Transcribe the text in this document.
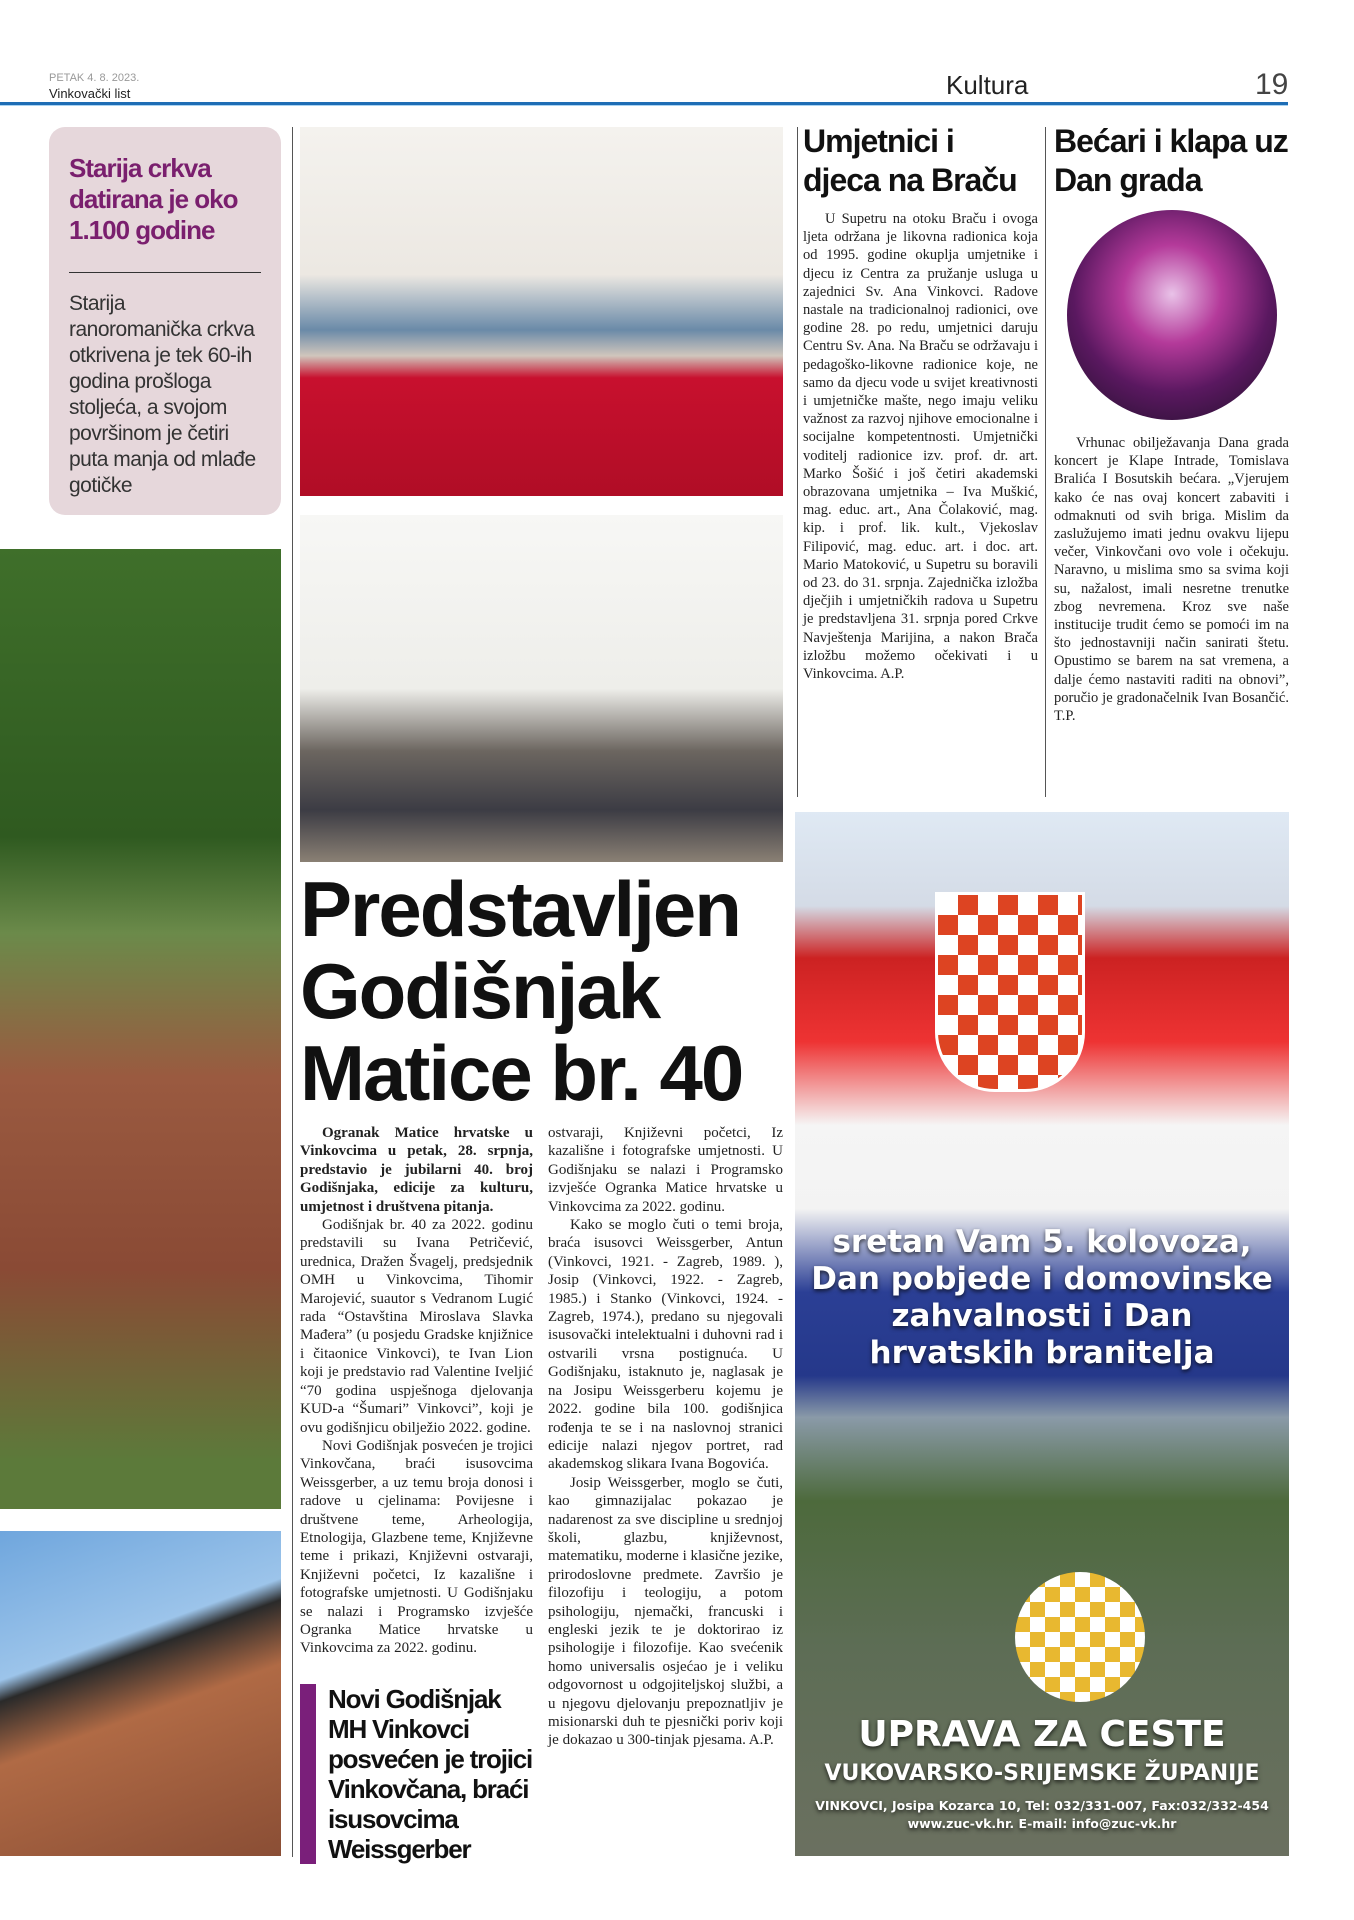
PETAK 4. 8. 2023.
Vinkovački list	Kultura	19
Starija crkva datirana je oko 1.100 godine

Starija ranoromanička crkva otkrivena je tek 60-ih godina prošloga stoljeća, a svojom površinom je četiri puta manja od mlađe gotičke

Predstavljen Godišnjak Matice br. 40

Ogranak Matice hrvatske u Vinkovcima u petak, 28. srpnja, predstavio je jubilarni 40. broj Godišnjaka, edicije za kulturu, umjetnost i društvena pitanja.

Godišnjak br. 40 za 2022. godinu predstavili su Ivana Petričević, urednica, Dražen Švagelj, predsjednik OMH u Vinkovcima, Tihomir Marojević, suautor s Vedranom Lugić rada “Ostavština Miroslava Slavka Mađera” (u posjedu Gradske knjižnice i čitaonice Vinkovci), te Ivan Lion koji je predstavio rad Valentine Iveljić “70 godina uspješnoga djelovanja KUD-a “Šumari” Vinkovci”, koji je ovu godišnjicu obilježio 2022. godine.

Novi Godišnjak posvećen je trojici Vinkovčana, braći isusovcima Weissgerber, a uz temu broja donosi i radove u cjelinama: Povijesne i društvene teme, Arheologija, Etnologija, Glazbene teme, Književne teme i prikazi, Književni ostvaraji, Književni početci, Iz kazališne i fotografske umjetnosti. U Godišnjaku se nalazi i Programsko izvješće Ogranka Matice hrvatske u Vinkovcima za 2022. godinu.

Novi Godišnjak MH Vinkovci posvećen je trojici Vinkovčana, braći isusovcima Weissgerber

ostvaraji, Književni početci, Iz kazališne i fotografske umjetnosti. U Godišnjaku se nalazi i Programsko izvješće Ogranka Matice hrvatske u Vinkovcima za 2022. godinu.

Kako se moglo čuti o temi broja, braća isusovci Weissgerber, Antun (Vinkovci, 1921. - Zagreb, 1989. ), Josip (Vinkovci, 1922. - Zagreb, 1985.) i Stanko (Vinkovci, 1924. - Zagreb, 1974.), predano su njegovali isusovački intelektualni i duhovni rad i ostvarili vrsna postignuća. U Godišnjaku, istaknuto je, naglasak je na Josipu Weissgerberu kojemu je 2022. godine bila 100. godišnjica rođenja te se i na naslovnoj stranici edicije nalazi njegov portret, rad akademskog slikara Ivana Bogovića.

Josip Weissgerber, moglo se čuti, kao gimnazijalac pokazao je nadarenost za sve discipline u srednjoj školi, glazbu, književnost, matematiku, moderne i klasične jezike, prirodoslovne predmete. Završio je filozofiju i teologiju, a potom psihologiju, njemački, francuski i engleski jezik te je doktorirao iz psihologije i filozofije. Kao svećenik homo universalis osjećao je i veliku odgovornost u odgojiteljskoj službi, a u njegovu djelovanju prepoznatljiv je misionarski duh te pjesnički poriv koji je dokazao u 300-tinjak pjesama. A.P.

Umjetnici i djeca na Braču

U Supetru na otoku Braču i ovoga ljeta održana je likovna radionica koja od 1995. godine okuplja umjetnike i djecu iz Centra za pružanje usluga u zajednici Sv. Ana Vinkovci. Radove nastale na tradicionalnoj radionici, ove godine 28. po redu, umjetnici daruju Centru Sv. Ana. Na Braču se održavaju i pedagoško-likovne radionice koje, ne samo da djecu vode u svijet kreativnosti i umjetničke mašte, nego imaju veliku važnost za razvoj njihove emocionalne i socijalne kompetentnosti. Umjetnički voditelj radionice izv. prof. dr. art. Marko Šošić i još četiri akademski obrazovana umjetnika – Iva Muškić, mag. educ. art., Ana Čolaković, mag. kip. i prof. lik. kult., Vjekoslav Filipović, mag. educ. art. i doc. art. Mario Matoković, u Supetru su boravili od 23. do 31. srpnja. Zajednička izložba dječjih i umjetničkih radova u Supetru je predstavljena 31. srpnja pored Crkve Navještenja Marijina, a nakon Brača izložbu možemo očekivati i u Vinkovcima. A.P.

Bećari i klapa uz Dan grada

Vrhunac obilježavanja Dana grada koncert je Klape Intrade, Tomislava Bralića I Bosutskih bećara. „Vjerujem kako će nas ovaj koncert zabaviti i odmaknuti od svih briga. Mislim da zaslužujemo imati jednu ovakvu lijepu večer, Vinkovčani ovo vole i očekuju. Naravno, u mislima smo sa svima koji su, nažalost, imali nesretne trenutke zbog nevremena. Kroz sve naše institucije trudit ćemo se pomoći im na što jednostavniji način sanirati štetu. Opustimo se barem na sat vremena, a dalje ćemo nastaviti raditi na obnovi”, poručio je gradonačelnik Ivan Bosančić. T.P.

sretan Vam 5. kolovoza, Dan pobjede i domovinske zahvalnosti i Dan hrvatskih branitelja
UPRAVA ZA CESTE
VUKOVARSKO-SRIJEMSKE ŽUPANIJE
VINKOVCI, Josipa Kozarca 10, Tel: 032/331-007, Fax:032/332-454
www.zuc-vk.hr. E-mail: info@zuc-vk.hr
